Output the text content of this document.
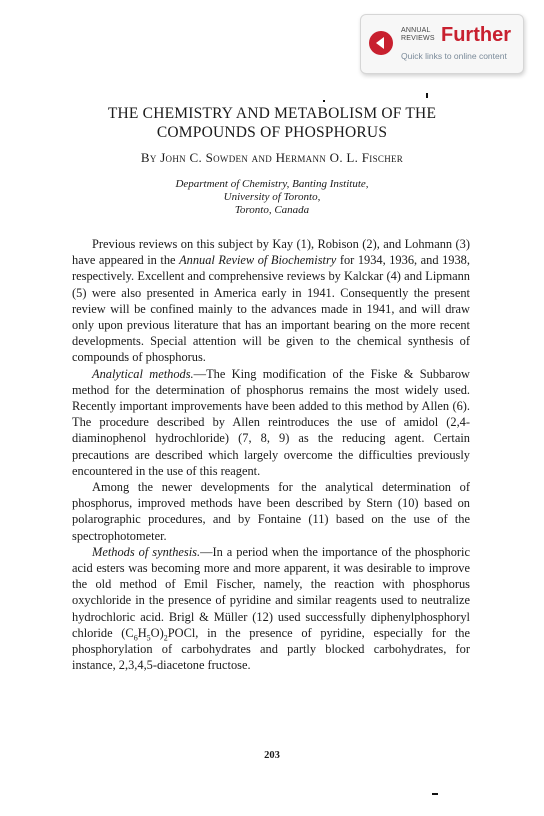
ANNUAL
REVIEWS Further
Quick links to online content
THE CHEMISTRY AND METABOLISM OF THE
COMPOUNDS OF PHOSPHORUS
By John C. Sowden and Hermann O. L. Fischer
Department of Chemistry, Banting Institute,
University of Toronto,
Toronto, Canada

Previous reviews on this subject by Kay (1), Robison (2), and Lohmann (3) have appeared in the Annual Review of Biochemistry for 1934, 1936, and 1938, respectively. Excellent and comprehensive reviews by Kalckar (4) and Lipmann (5) were also presented in America early in 1941. Consequently the present review will be confined mainly to the advances made in 1941, and will draw only upon previous literature that has an important bearing on the more recent developments. Special attention will be given to the chemical synthesis of compounds of phosphorus.

Analytical methods.—The King modification of the Fiske & Subbarow method for the determination of phosphorus remains the most widely used. Recently important improvements have been added to this method by Allen (6). The procedure described by Allen reintroduces the use of amidol (2,4-diaminophenol hydrochloride) (7, 8, 9) as the reducing agent. Certain precautions are described which largely overcome the difficulties previously encountered in the use of this reagent.

Among the newer developments for the analytical determination of phosphorus, improved methods have been described by Stern (10) based on polarographic procedures, and by Fontaine (11) based on the use of the spectrophotometer.

Methods of synthesis.—In a period when the importance of the phosphoric acid esters was becoming more and more apparent, it was desirable to improve the old method of Emil Fischer, namely, the reaction with phosphorus oxychloride in the presence of pyridine and similar reagents used to neutralize hydrochloric acid. Brigl & Müller (12) used successfully diphenylphosphoryl chloride $(C_6H_5O)_2POCl$, in the presence of pyridine, especially for the phosphorylation of carbohydrates and partly blocked carbohydrates, for instance, 2,3,4,5-diacetone fructose.

203
